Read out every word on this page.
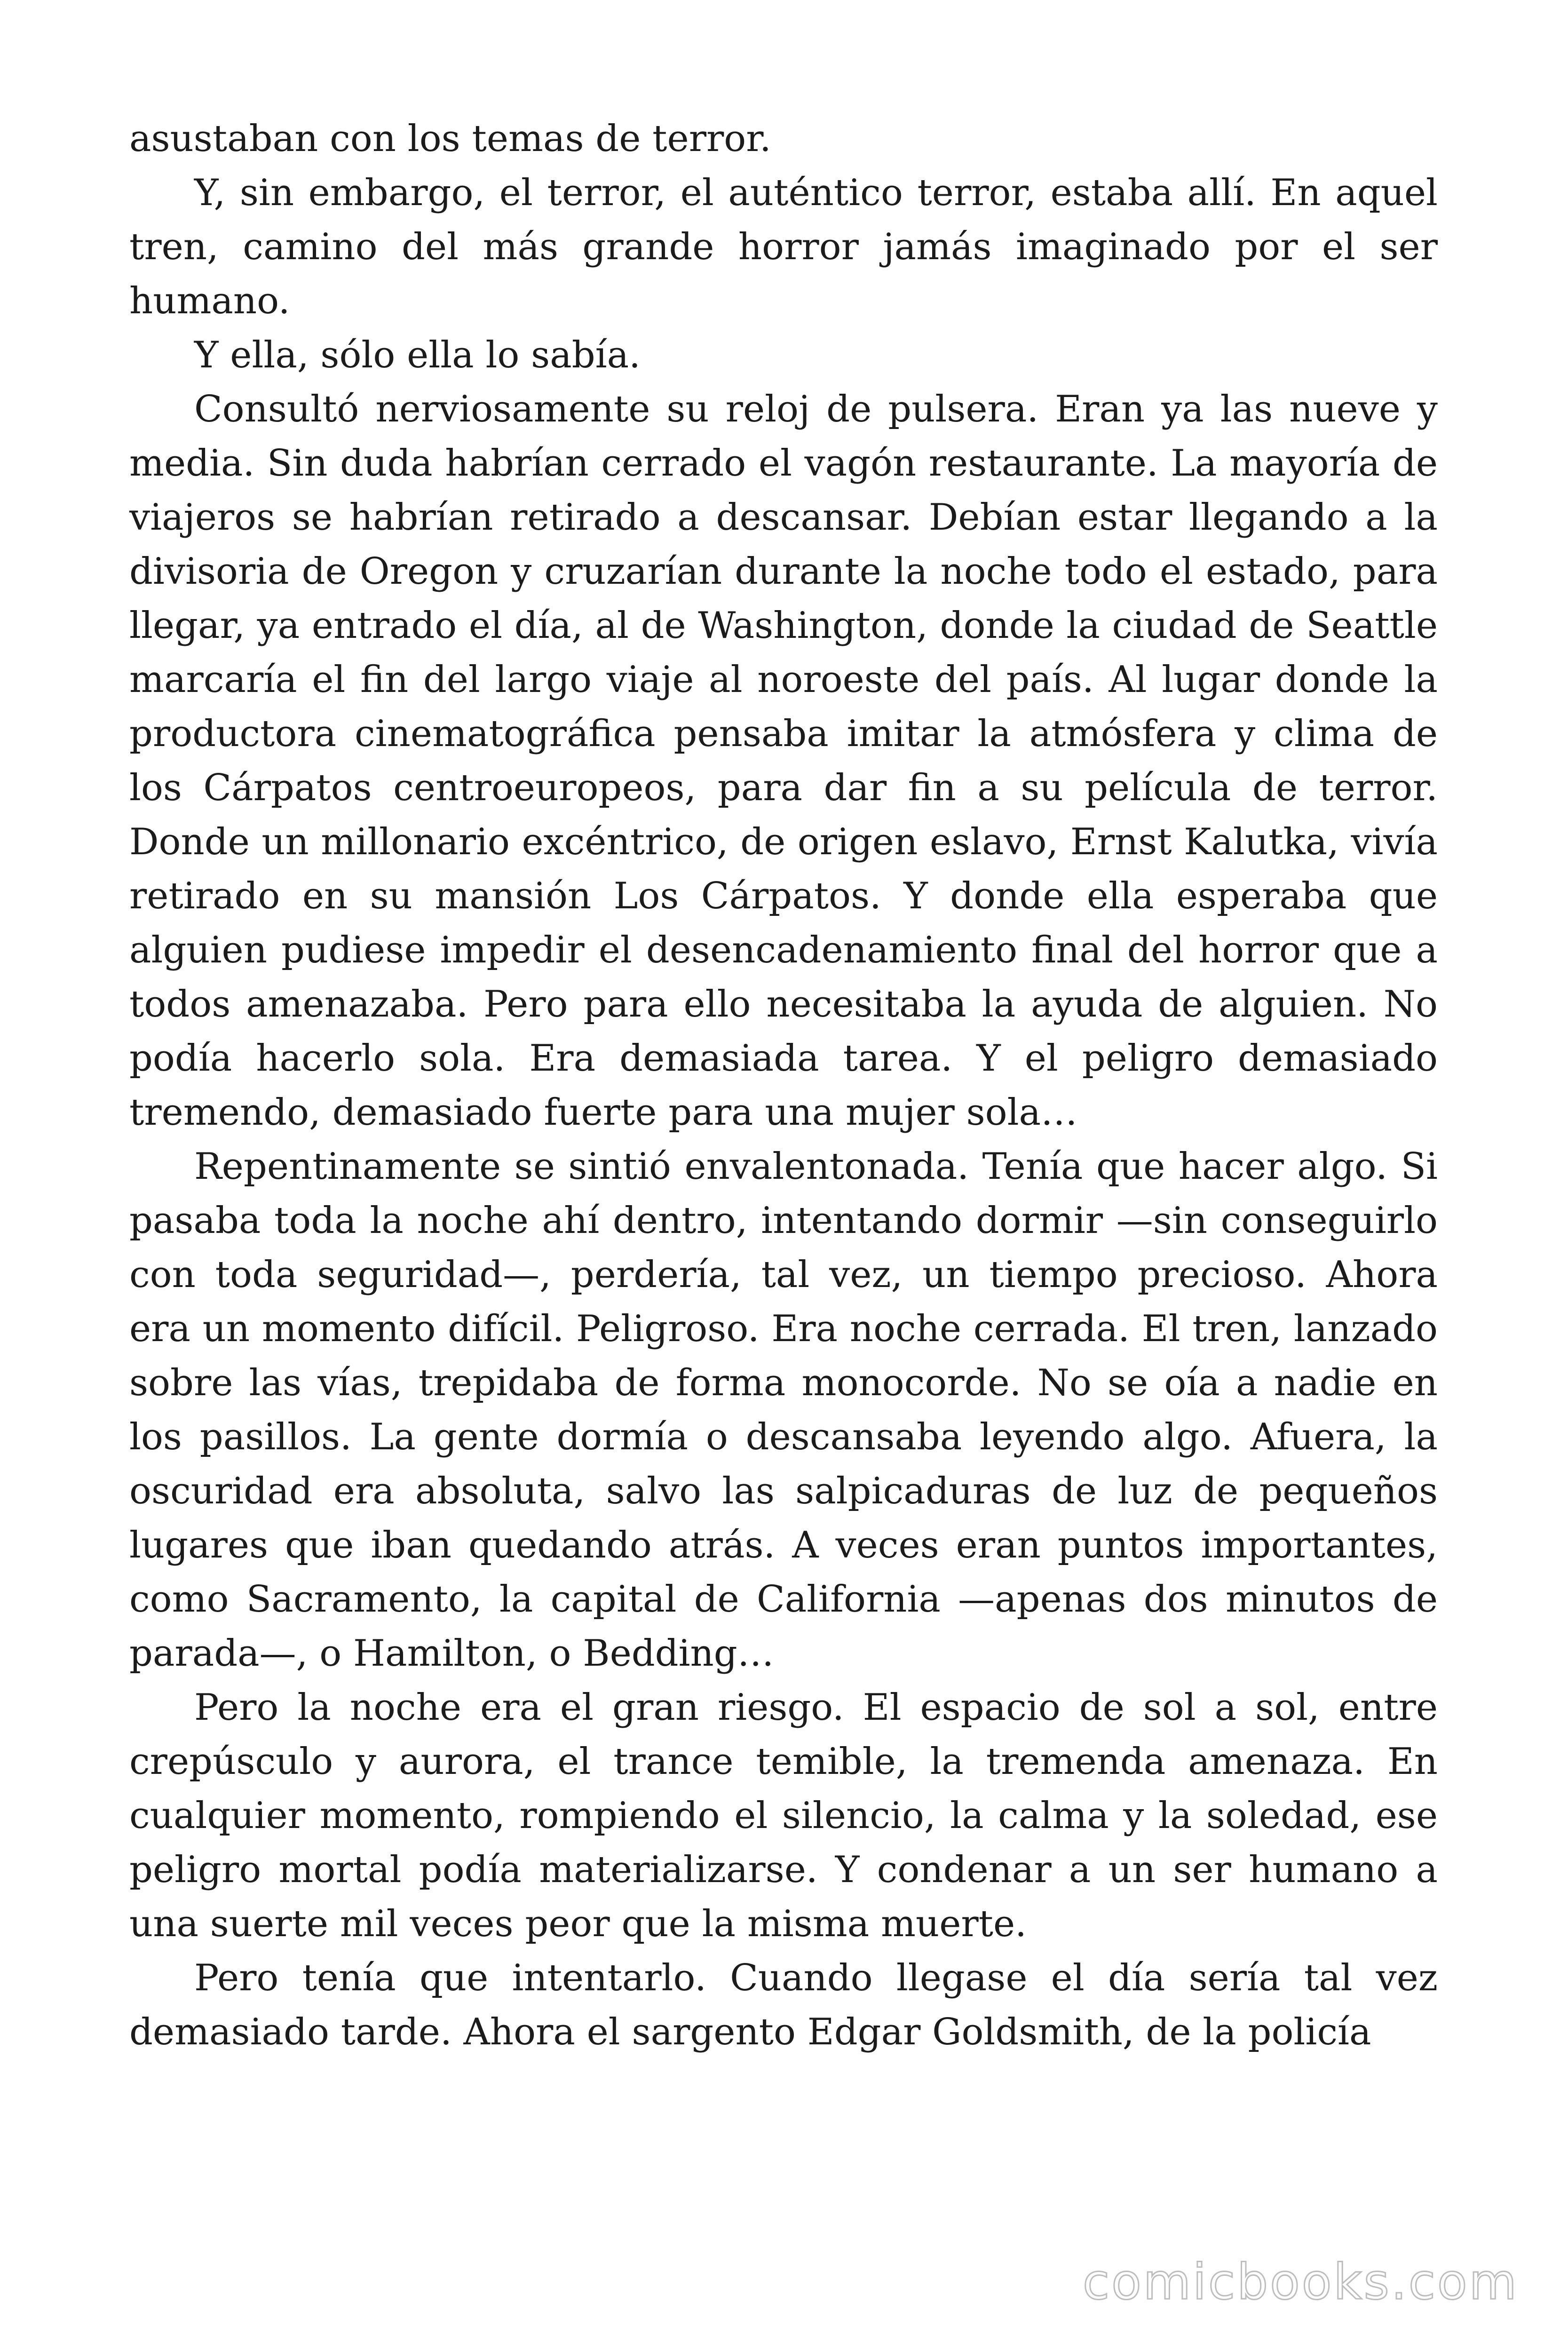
asustaban con los temas de terror.

Y, sin embargo, el terror, el auténtico terror, estaba allí. En aquel tren, camino del más grande horror jamás imaginado por el ser humano.

Y ella, sólo ella lo sabía.

Consultó nerviosamente su reloj de pulsera. Eran ya las nueve y media. Sin duda habrían cerrado el vagón restaurante. La mayoría de viajeros se habrían retirado a descansar. Debían estar llegando a la divisoria de Oregon y cruzarían durante la noche todo el estado, para llegar, ya entrado el día, al de Washington, donde la ciudad de Seattle marcaría el fin del largo viaje al noroeste del país. Al lugar donde la productora cinematográfica pensaba imitar la atmósfera y clima de los Cárpatos centroeuropeos, para dar fin a su película de terror. Donde un millonario excéntrico, de origen eslavo, Ernst Kalutka, vivía retirado en su mansión Los Cárpatos. Y donde ella esperaba que alguien pudiese impedir el desencadenamiento final del horror que a todos amenazaba. Pero para ello necesitaba la ayuda de alguien. No podía hacerlo sola. Era demasiada tarea. Y el peligro demasiado tremendo, demasiado fuerte para una mujer sola…

Repentinamente se sintió envalentonada. Tenía que hacer algo. Si pasaba toda la noche ahí dentro, intentando dormir —sin conseguirlo con toda seguridad—, perdería, tal vez, un tiempo precioso. Ahora era un momento difícil. Peligroso. Era noche cerrada. El tren, lanzado sobre las vías, trepidaba de forma monocorde. No se oía a nadie en los pasillos. La gente dormía o descansaba leyendo algo. Afuera, la oscuridad era absoluta, salvo las salpicaduras de luz de pequeños lugares que iban quedando atrás. A veces eran puntos importantes, como Sacramento, la capital de California —apenas dos minutos de parada—, o Hamilton, o Bedding…

Pero la noche era el gran riesgo. El espacio de sol a sol, entre crepúsculo y aurora, el trance temible, la tremenda amenaza. En cualquier momento, rompiendo el silencio, la calma y la soledad, ese peligro mortal podía materializarse. Y condenar a un ser humano a una suerte mil veces peor que la misma muerte.

Pero tenía que intentarlo. Cuando llegase el día sería tal vez demasiado tarde. Ahora el sargento Edgar Goldsmith, de la policía

comicbooks.com
